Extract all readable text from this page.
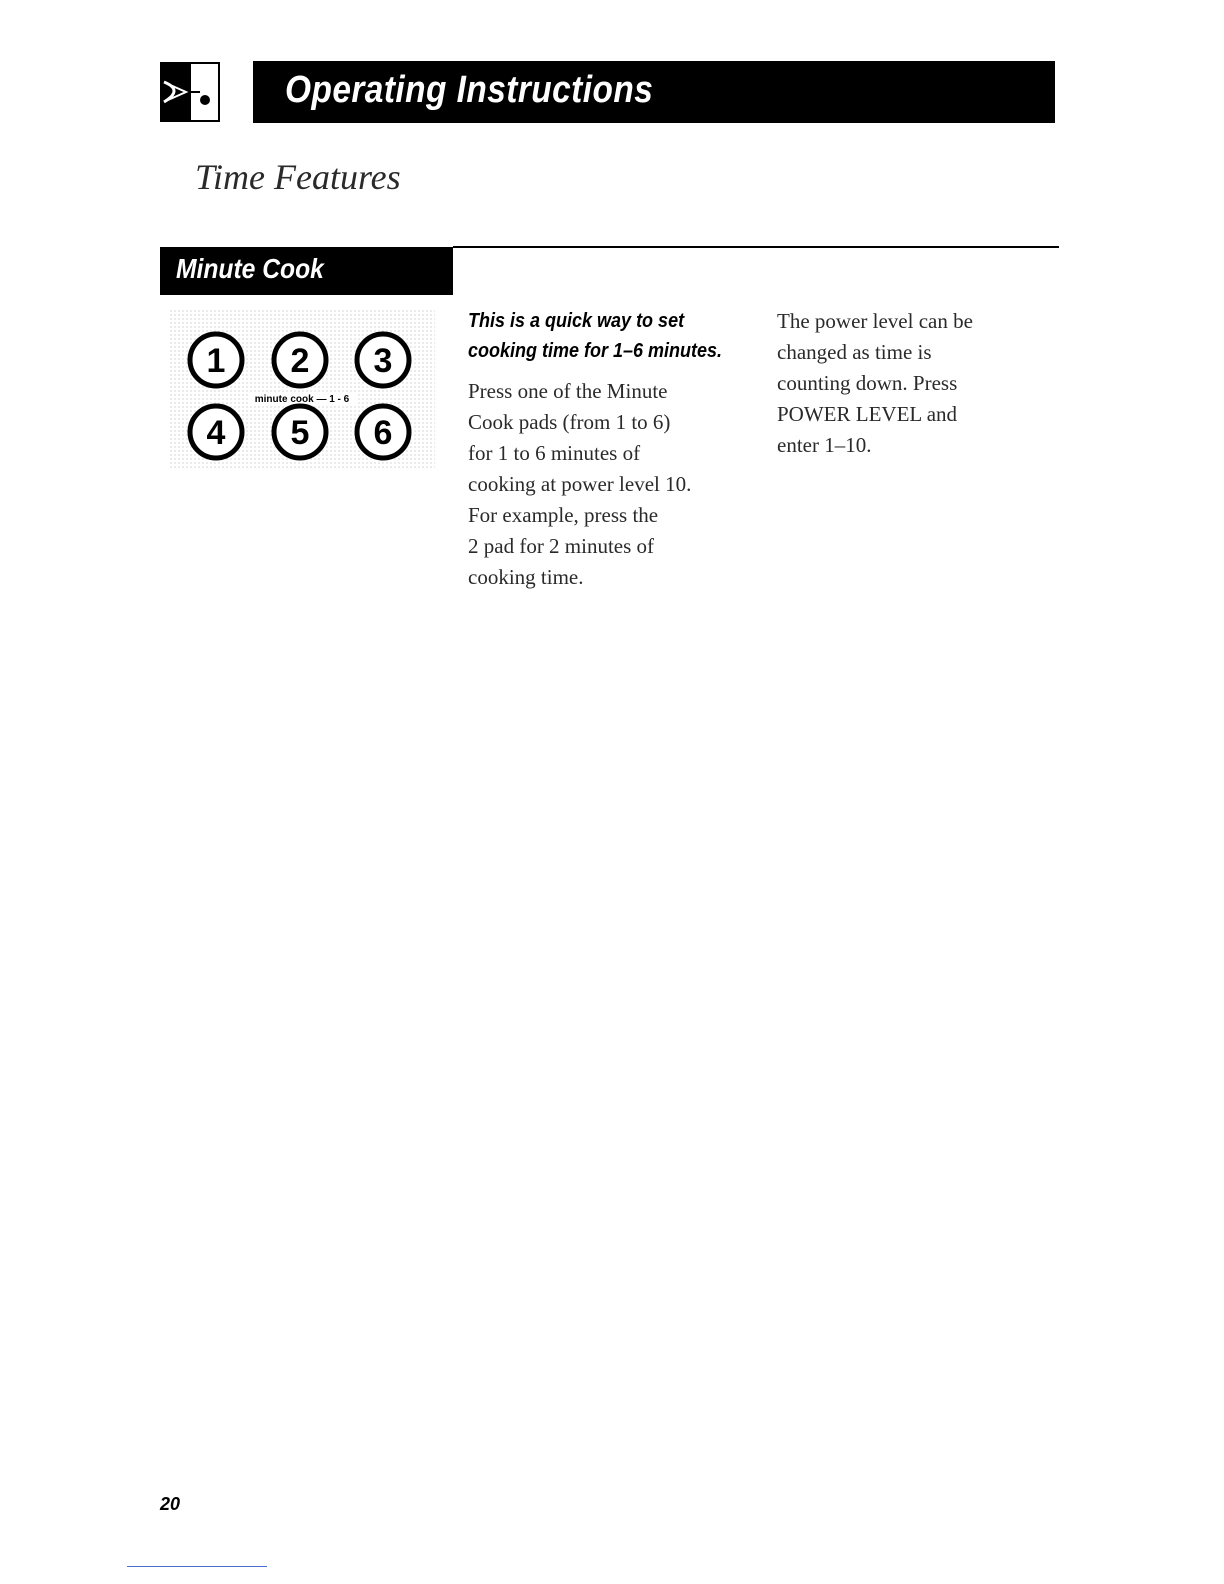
Operating Instructions
Time Features
Minute Cook
1 2 3
minute cook — 1 - 6
4 5 6
This is a quick way to set
cooking time for 1–6 minutes.

Press one of the Minute
Cook pads (from 1 to 6)
for 1 to 6 minutes of
cooking at power level 10.
For example, press the
2 pad for 2 minutes of
cooking time.

The power level can be
changed as time is
counting down. Press
POWER LEVEL and
enter 1–10.

20
